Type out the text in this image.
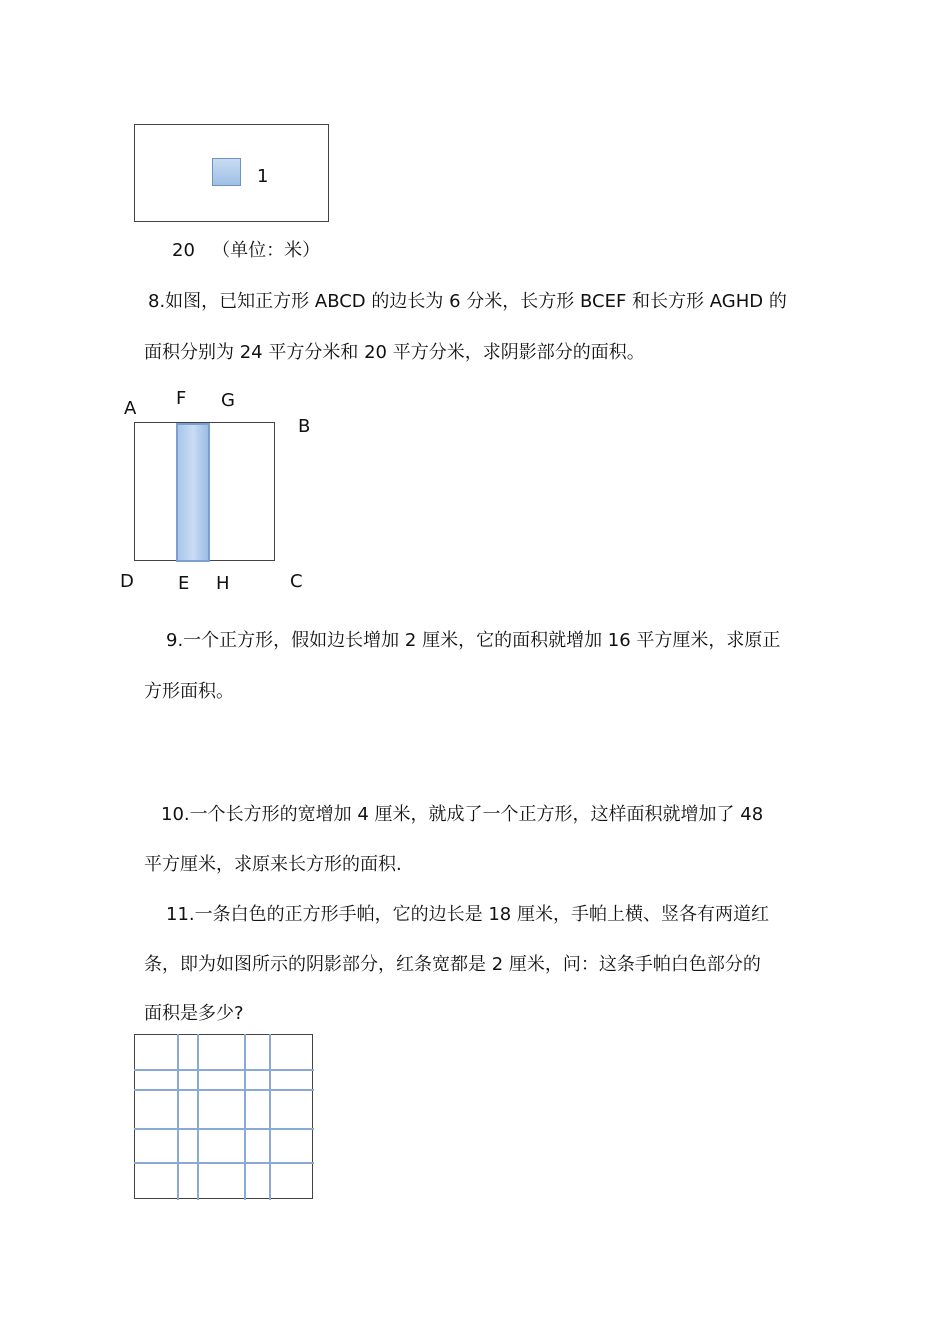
1
20   （单位：米）
8.如图，已知正方形 ABCD 的边长为 6 分米，长方形 BCEF 和长方形 AGHD 的
面积分别为 24 平方分米和 20 平方分米，求阴影部分的面积。
A F G
B
D E H	C
9.一个正方形，假如边长增加 2 厘米，它的面积就增加 16 平方厘米，求原正
方形面积。
10.一个长方形的宽增加 4 厘米，就成了一个正方形，这样面积就增加了 48
平方厘米，求原来长方形的面积.
11.一条白色的正方形手帕，它的边长是 18 厘米，手帕上横、竖各有两道红
条，即为如图所示的阴影部分，红条宽都是 2 厘米，问：这条手帕白色部分的
面积是多少?
